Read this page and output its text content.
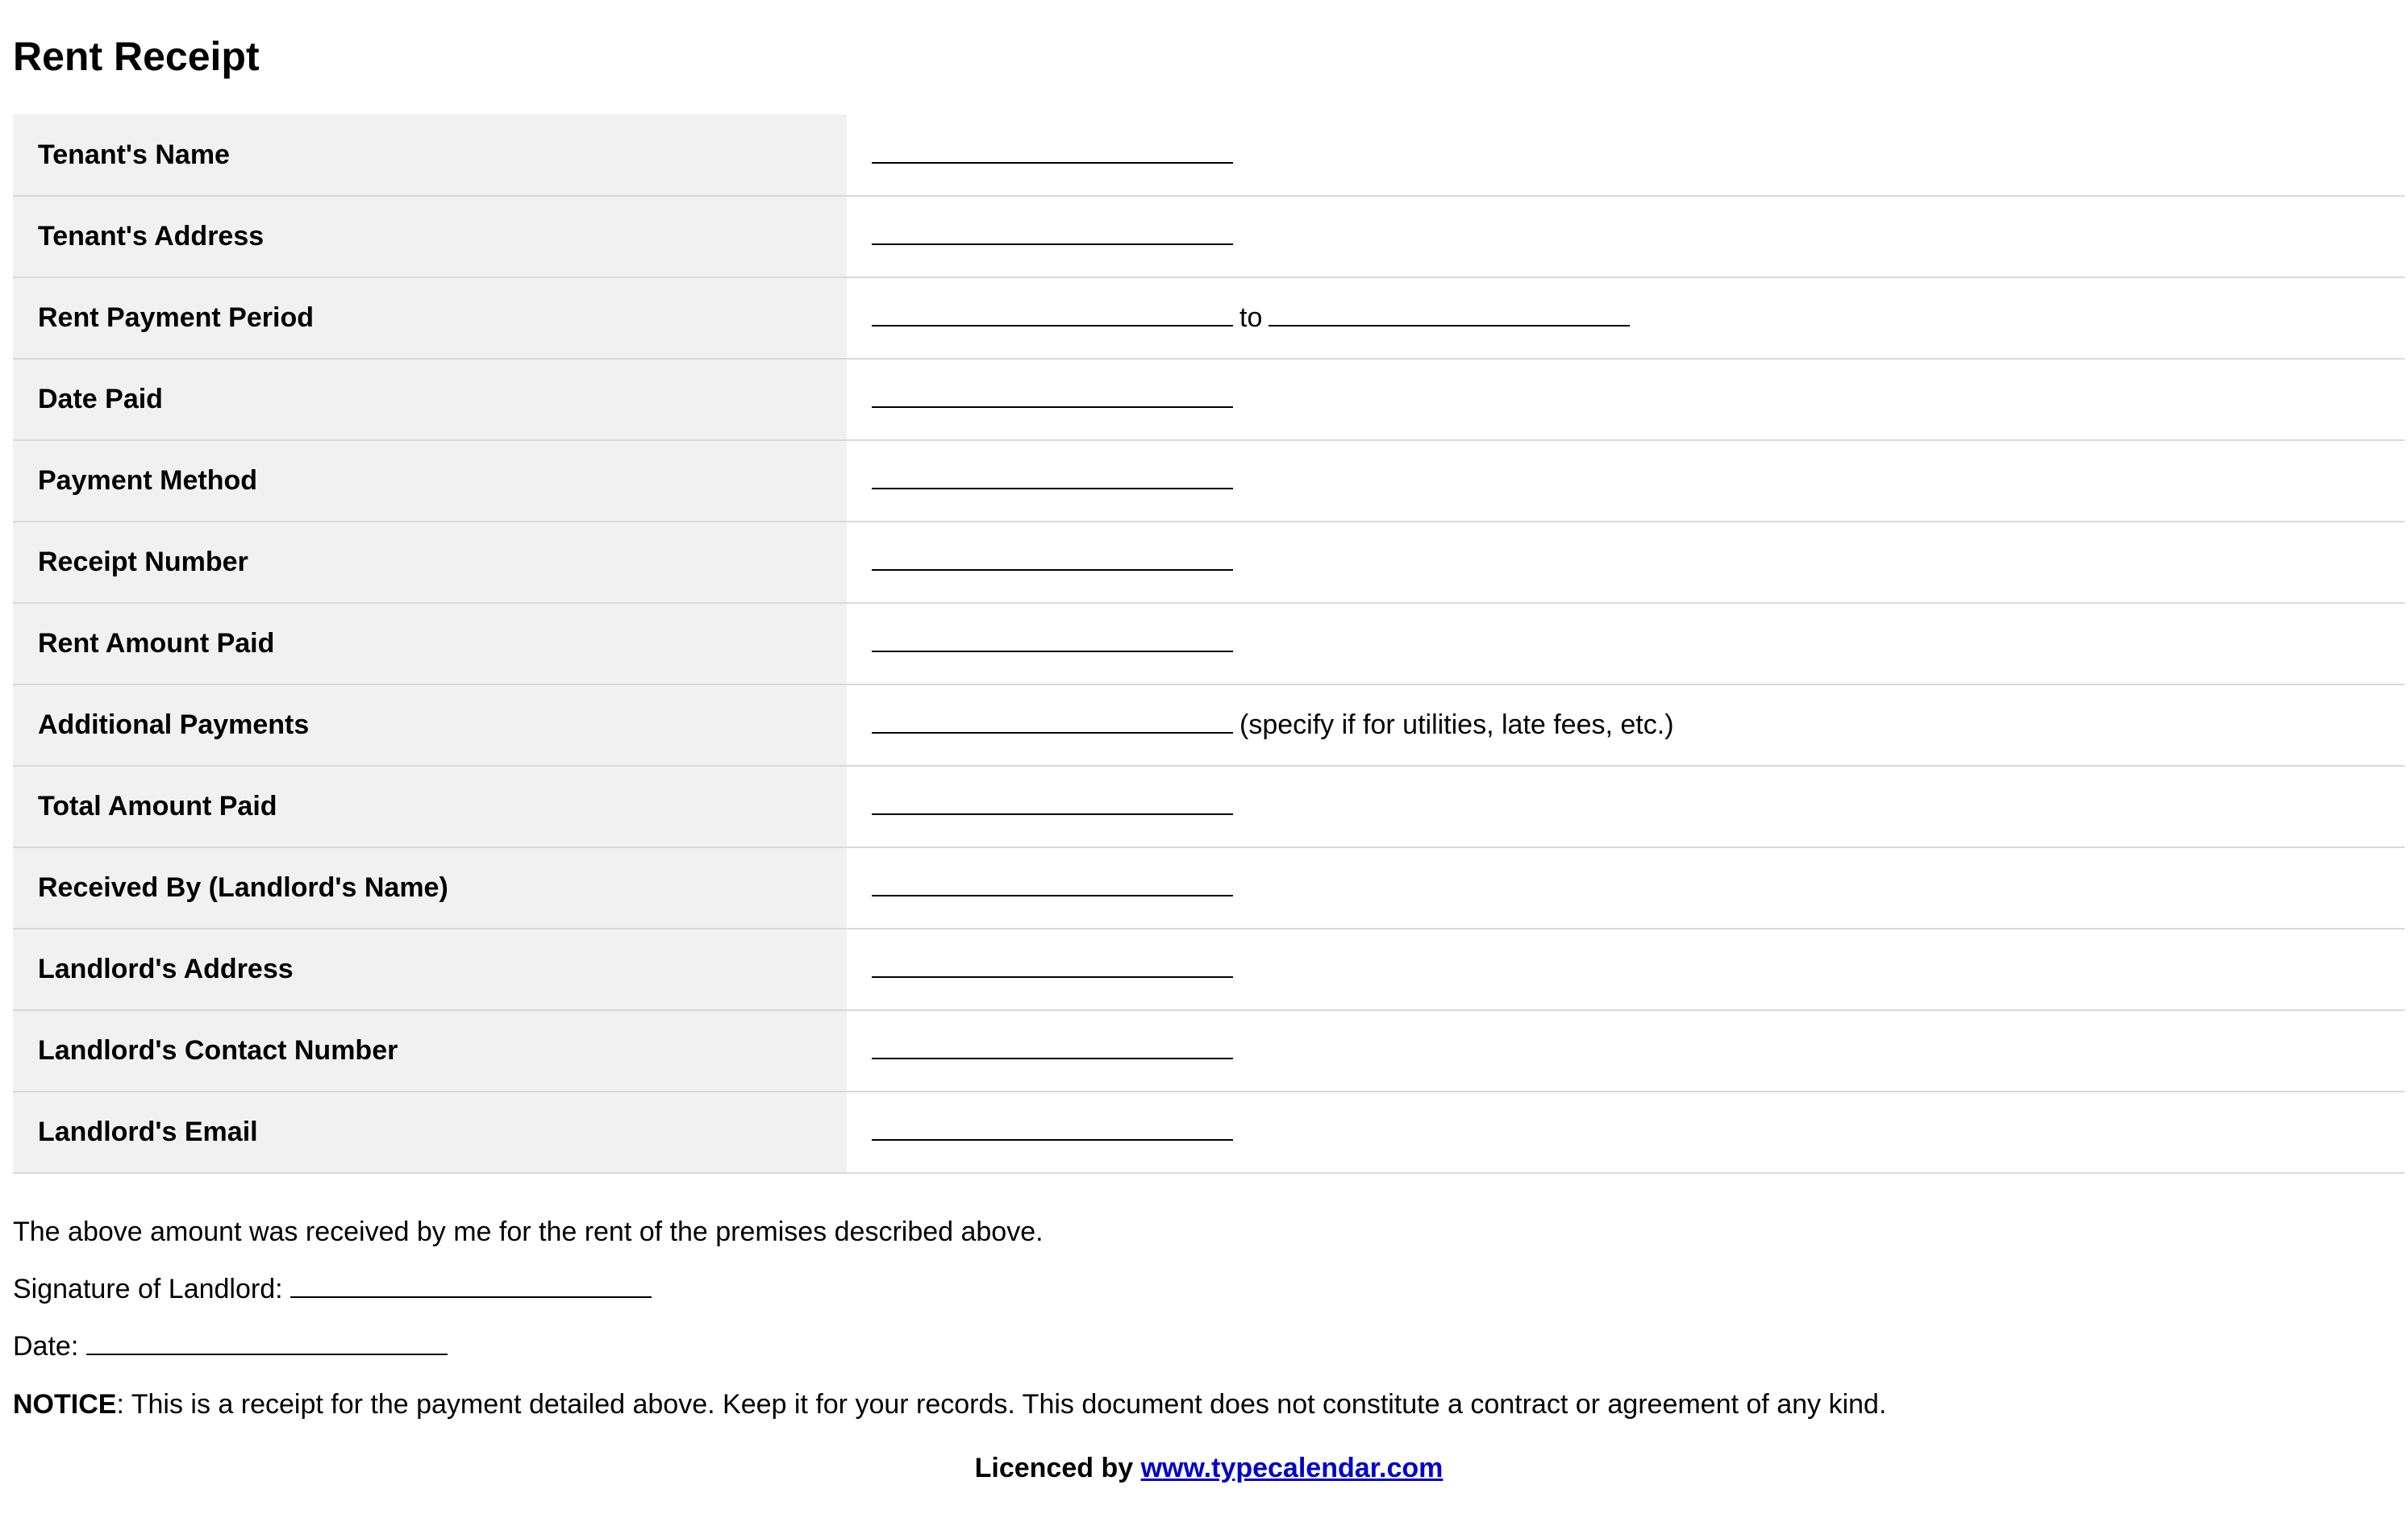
Rent Receipt
Tenant's Name	
Tenant's Address	
Rent Payment Period	to
Date Paid	
Payment Method	
Receipt Number	
Rent Amount Paid	
Additional Payments	(specify if for utilities, late fees, etc.)
Total Amount Paid	
Received By (Landlord's Name)	
Landlord's Address	
Landlord's Contact Number	
Landlord's Email	
The above amount was received by me for the rent of the premises described above.
Signature of Landlord:
Date:
NOTICE: This is a receipt for the payment detailed above. Keep it for your records. This document does not constitute a contract or agreement of any kind.
Licenced by www.typecalendar.com
